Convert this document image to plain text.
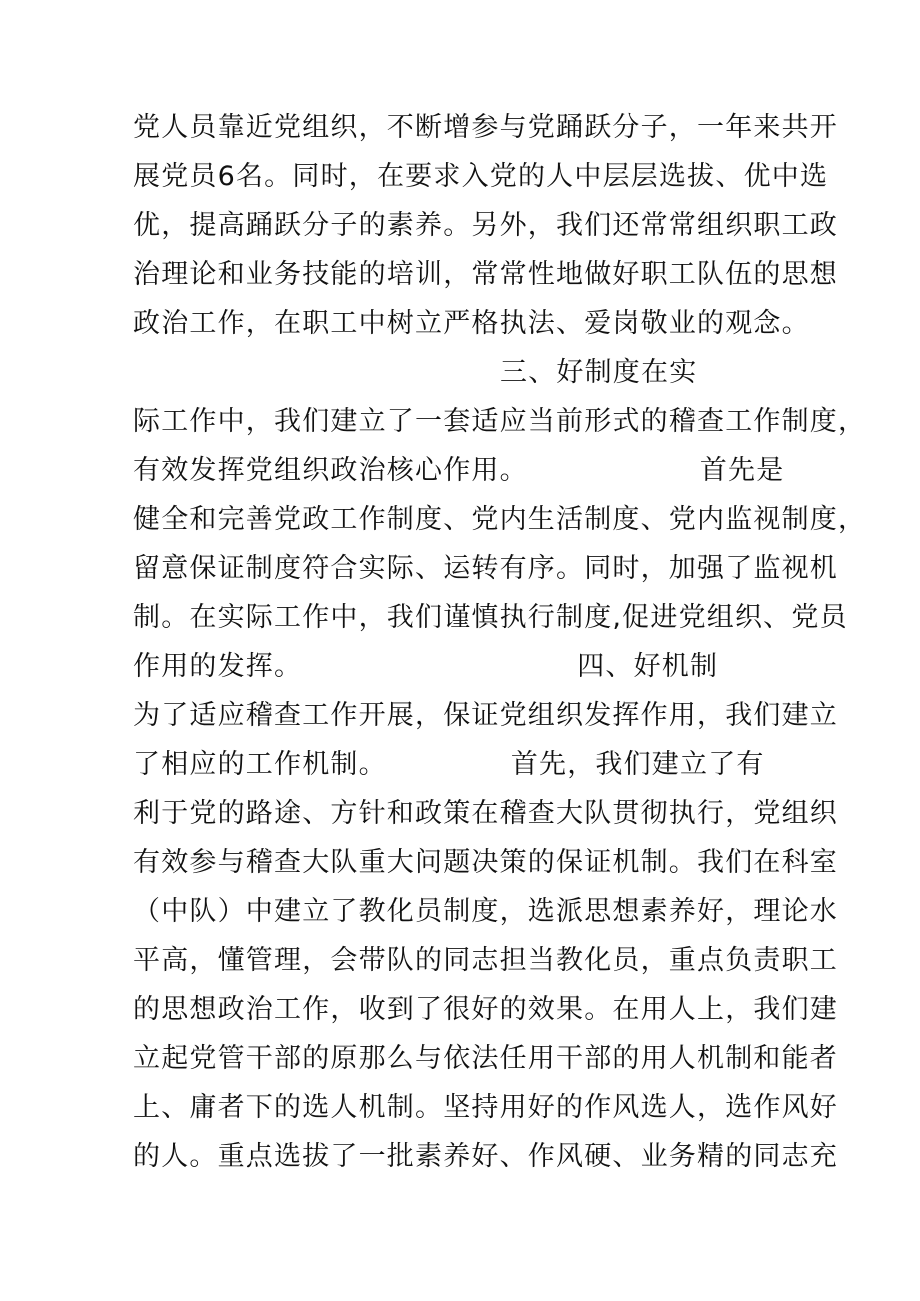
党人员靠近党组织，不断增参与党踊跃分子，一年来共开
展党员6名。同时，在要求入党的人中层层选拔、优中选
优，提高踊跃分子的素养。另外，我们还常常组织职工政
治理论和业务技能的培训，常常性地做好职工队伍的思想
政治工作，在职工中树立严格执法、爱岗敬业的观念。
三、好制度在实
际工作中，我们建立了一套适应当前形式的稽查工作制度，
有效发挥党组织政治核心作用。	首先是
健全和完善党政工作制度、党内生活制度、党内监视制度，
留意保证制度符合实际、运转有序。同时，加强了监视机
制。在实际工作中，我们谨慎执行制度,促进党组织、党员
作用的发挥。	四、好机制
为了适应稽查工作开展，保证党组织发挥作用，我们建立
了相应的工作机制。	首先，我们建立了有
利于党的路途、方针和政策在稽查大队贯彻执行，党组织
有效参与稽查大队重大问题决策的保证机制。我们在科室
（中队）中建立了教化员制度，选派思想素养好，理论水
平高，懂管理，会带队的同志担当教化员，重点负责职工
的思想政治工作，收到了很好的效果。在用人上，我们建
立起党管干部的原那么与依法任用干部的用人机制和能者
上、庸者下的选人机制。坚持用好的作风选人，选作风好
的人。重点选拔了一批素养好、作风硬、业务精的同志充
